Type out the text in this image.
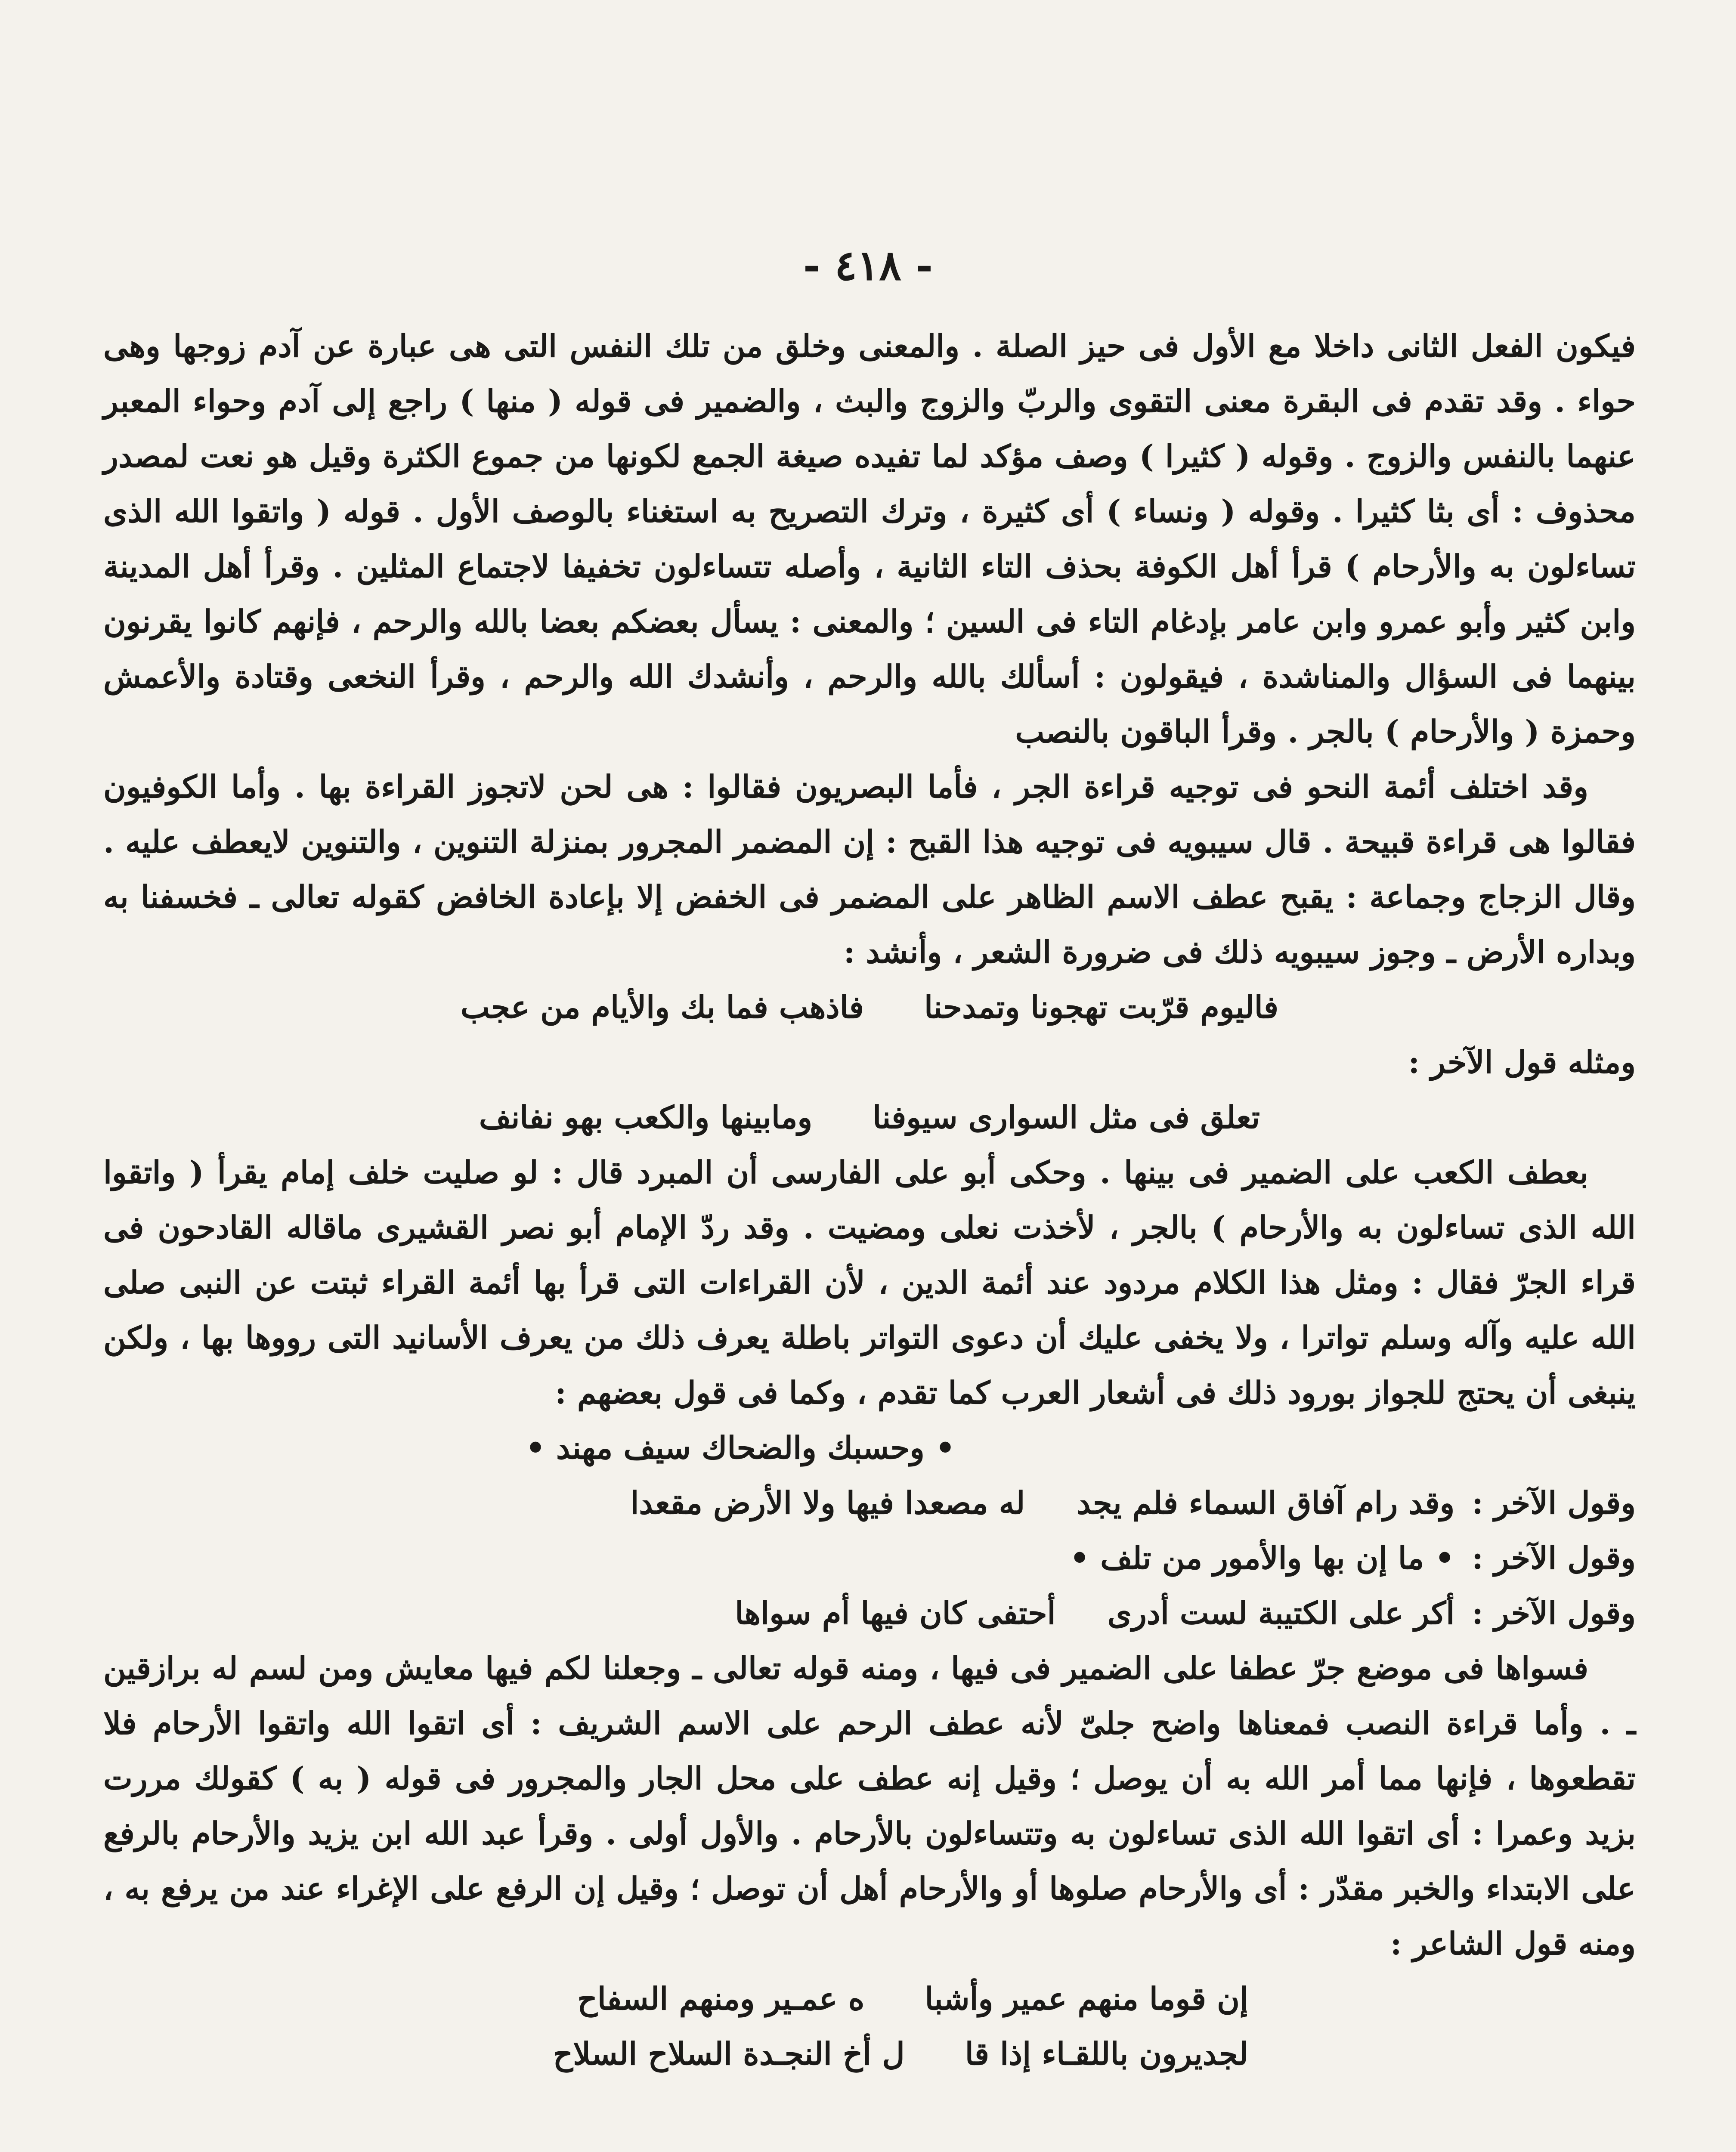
- ٤١٨ -

فيكون الفعل الثانى داخلا مع الأول فى حيز الصلة . والمعنى وخلق من تلك النفس التى هى عبارة عن آدم زوجها وهى حواء . وقد تقدم فى البقرة معنى التقوى والربّ والزوج والبث ، والضمير فى قوله ( منها ) راجع إلى آدم وحواء المعبر عنهما بالنفس والزوج . وقوله ( كثيرا ) وصف مؤكد لما تفيده صيغة الجمع لكونها من جموع الكثرة وقيل هو نعت لمصدر محذوف : أى بثا كثيرا . وقوله ( ونساء ) أى كثيرة ، وترك التصريح به استغناء بالوصف الأول . قوله ( واتقوا الله الذى تساءلون به والأرحام ) قرأ أهل الكوفة بحذف التاء الثانية ، وأصله تتساءلون تخفيفا لاجتماع المثلين . وقرأ أهل المدينة وابن كثير وأبو عمرو وابن عامر بإدغام التاء فى السين ؛ والمعنى : يسأل بعضكم بعضا بالله والرحم ، فإنهم كانوا يقرنون بينهما فى السؤال والمناشدة ، فيقولون : أسألك بالله والرحم ، وأنشدك الله والرحم ، وقرأ النخعى وقتادة والأعمش وحمزة ( والأرحام ) بالجر . وقرأ الباقون بالنصب

وقد اختلف أئمة النحو فى توجيه قراءة الجر ، فأما البصريون فقالوا : هى لحن لاتجوز القراءة بها . وأما الكوفيون فقالوا هى قراءة قبيحة . قال سيبويه فى توجيه هذا القبح : إن المضمر المجرور بمنزلة التنوين ، والتنوين لايعطف عليه . وقال الزجاج وجماعة : يقبح عطف الاسم الظاهر على المضمر فى الخفض إلا بإعادة الخافض كقوله تعالى ـ فخسفنا به وبداره الأرض ـ وجوز سيبويه ذلك فى ضرورة الشعر ، وأنشد :

فاليوم قرّبت تهجونا وتمدحنا
فاذهب فما بك والأيام من عجب

ومثله قول الآخر :

تعلق فى مثل السوارى سيوفنا
ومابينها والكعب بهو نفانف

بعطف الكعب على الضمير فى بينها . وحكى أبو على الفارسى أن المبرد قال : لو صليت خلف إمام يقرأ ( واتقوا الله الذى تساءلون به والأرحام ) بالجر ، لأخذت نعلى ومضيت . وقد ردّ الإمام أبو نصر القشيرى ماقاله القادحون فى قراء الجرّ فقال : ومثل هذا الكلام مردود عند أئمة الدين ، لأن القراءات التى قرأ بها أئمة القراء ثبتت عن النبى صلى الله عليه وآله وسلم تواترا ، ولا يخفى عليك أن دعوى التواتر باطلة يعرف ذلك من يعرف الأسانيد التى رووها بها ، ولكن ينبغى أن يحتج للجواز بورود ذلك فى أشعار العرب كما تقدم ، وكما فى قول بعضهم :

• وحسبك والضحاك سيف مهند •
وقول الآخر :
وقد رام آفاق السماء فلم يجد
له مصعدا فيها ولا الأرض مقعدا
وقول الآخر :
• ما إن بها والأمور من تلف •
وقول الآخر :
أكر على الكتيبة لست أدرى
أحتفى كان فيها أم سواها

فسواها فى موضع جرّ عطفا على الضمير فى فيها ، ومنه قوله تعالى ـ وجعلنا لكم فيها معايش ومن لسم له برازقين ـ . وأما قراءة النصب فمعناها واضح جلىّ لأنه عطف الرحم على الاسم الشريف : أى اتقوا الله واتقوا الأرحام فلا تقطعوها ، فإنها مما أمر الله به أن يوصل ؛ وقيل إنه عطف على محل الجار والمجرور فى قوله ( به ) كقولك مررت بزيد وعمرا : أى اتقوا الله الذى تساءلون به وتتساءلون بالأرحام . والأول أولى . وقرأ عبد الله ابن يزيد والأرحام بالرفع على الابتداء والخبر مقدّر : أى والأرحام صلوها أو والأرحام أهل أن توصل ؛ وقيل إن الرفع على الإغراء عند من يرفع به ، ومنه قول الشاعر :

إن قوما منهم عمير وأشبا
ه عمـير ومنهم السفاح
لجديرون باللقـاء إذا قا
ل أخ النجـدة السلاح السلاح
